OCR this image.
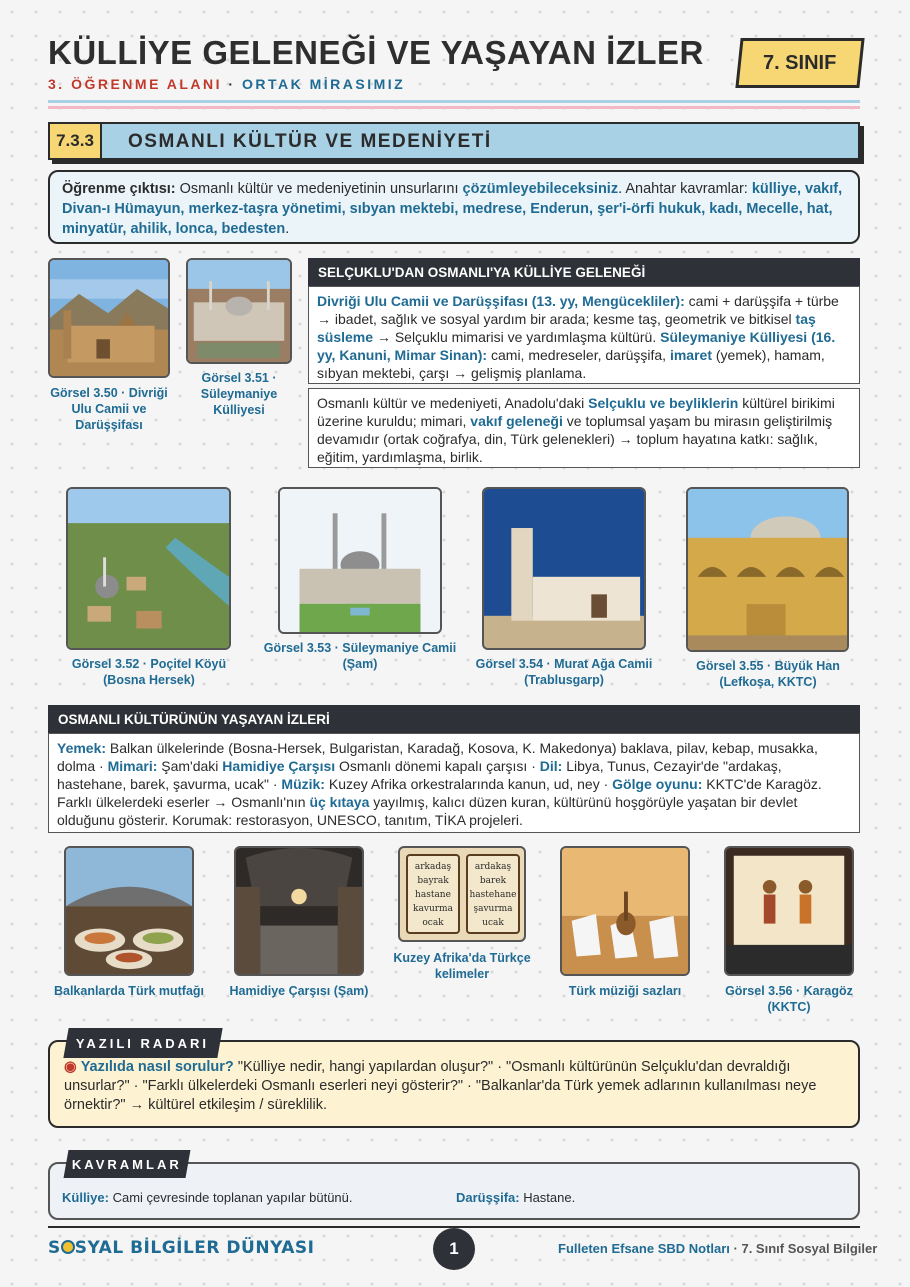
KÜLLİYE GELENEĞİ VE YAŞAYAN İZLER
3. ÖĞRENME ALANI · ORTAK MİRASIMIZ
7. SINIF
7.3.3	OSMANLI KÜLTÜR VE MEDENİYETİ
Öğrenme çıktısı: Osmanlı kültür ve medeniyetinin unsurlarını çözümleyebileceksiniz. Anahtar kavramlar: külliye, vakıf, Divan-ı Hümayun, merkez-taşra yönetimi, sıbyan mektebi, medrese, Enderun, şer'i-örfi hukuk, kadı, Mecelle, hat, minyatür, ahilik, lonca, bedesten.
Görsel 3.50 · Divriği Ulu Camii ve Darüşşifası
Görsel 3.51 · Süleymaniye Külliyesi
SELÇUKLU'DAN OSMANLI'YA KÜLLİYE GELENEĞİ
Divriği Ulu Camii ve Darüşşifası (13. yy, Mengücekliler): cami + darüşşifa + türbe → ibadet, sağlık ve sosyal yardım bir arada; kesme taş, geometrik ve bitkisel taş süsleme → Selçuklu mimarisi ve yardımlaşma kültürü. Süleymaniye Külliyesi (16. yy, Kanuni, Mimar Sinan): cami, medreseler, darüşşifa, imaret (yemek), hamam, sıbyan mektebi, çarşı → gelişmiş planlama.
Osmanlı kültür ve medeniyeti, Anadolu'daki Selçuklu ve beyliklerin kültürel birikimi üzerine kuruldu; mimari, vakıf geleneği ve toplumsal yaşam bu mirasın geliştirilmiş devamıdır (ortak coğrafya, din, Türk gelenekleri) → toplum hayatına katkı: sağlık, eğitim, yardımlaşma, birlik.
Görsel 3.52 · Poçitel Köyü (Bosna Hersek)
Görsel 3.53 · Süleymaniye Camii (Şam)	Görsel 3.54 · Murat Ağa Camii (Trablusgarp)
Görsel 3.55 · Büyük Han (Lefkoşa, KKTC)
OSMANLI KÜLTÜRÜNÜN YAŞAYAN İZLERİ
Yemek: Balkan ülkelerinde (Bosna-Hersek, Bulgaristan, Karadağ, Kosova, K. Makedonya) baklava, pilav, kebap, musakka, dolma · Mimari: Şam'daki Hamidiye Çarşısı Osmanlı dönemi kapalı çarşısı · Dil: Libya, Tunus, Cezayir'de "ardakaş, hastehane, barek, şavurma, ucak" · Müzik: Kuzey Afrika orkestralarında kanun, ud, ney · Gölge oyunu: KKTC'de Karagöz. Farklı ülkelerdeki eserler → Osmanlı'nın üç kıtaya yayılmış, kalıcı düzen kuran, kültürünü hoşgörüyle yaşatan bir devlet olduğunu gösterir. Korumak: restorasyon, UNESCO, tanıtım, TİKA projeleri.
Balkanlarda Türk mutfağı	Hamidiye Çarşısı (Şam)
arkadaş
bayrak
hastane
kavurma
ocak
ardakaş
barek
hastehane
şavurma
ucak
Kuzey Afrika'da Türkçe kelimeler
Türk müziği sazları	Görsel 3.56 · Karagöz (KKTC)
◉ Yazılıda nasıl sorulur? "Külliye nedir, hangi yapılardan oluşur?" · "Osmanlı kültürünün Selçuklu'dan devraldığı unsurlar?" · "Farklı ülkelerdeki Osmanlı eserleri neyi gösterir?" · "Balkanlar'da Türk yemek adlarının kullanılması neye örnektir?" → kültürel etkileşim / süreklilik.
YAZILI RADARI
Külliye: Cami çevresinde toplanan yapılar bütünü.	Darüşşifa: Hastane.
KAVRAMLAR
S SYAL BİLGİLER DÜNYASI	1	Fulleten Efsane SBD Notları · 7. Sınıf Sosyal Bilgiler
